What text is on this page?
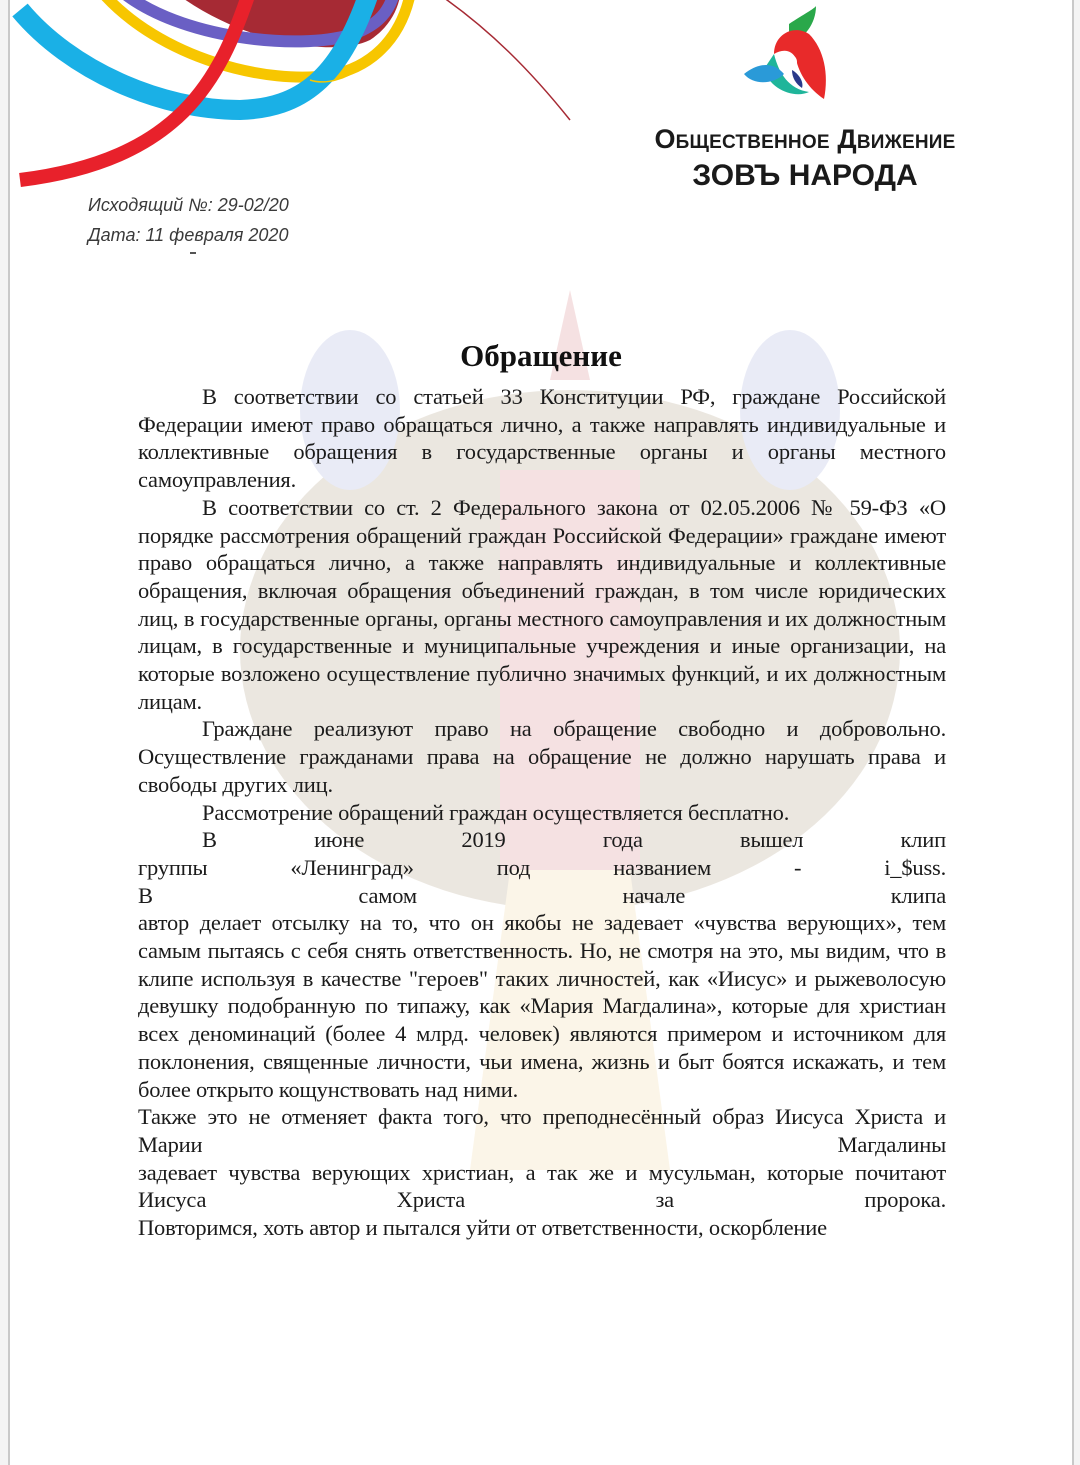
Общественное Движение
ЗОВЪ НАРОДА
Исходящий №: 29-02/20
Дата: 11 февраля 2020
Обращение

В соответствии со статьей 33 Конституции РФ, граждане Российской Федерации имеют право обращаться лично, а также направлять индивидуальные и коллективные обращения в государственные органы и органы местного самоуправления.

В соответствии со ст. 2 Федерального закона от 02.05.2006 № 59-ФЗ «О порядке рассмотрения обращений граждан Российской Федерации» граждане имеют право обращаться лично, а также направлять индивидуальные и коллективные обращения, включая обращения объединений граждан, в том числе юридических лиц, в государственные органы, органы местного самоуправления и их должностным лицам, в государственные и муниципальные учреждения и иные организации, на которые возложено осуществление публично значимых функций, и их должностным лицам.

Граждане реализуют право на обращение свободно и добровольно. Осуществление гражданами права на обращение не должно нарушать права и свободы других лиц.

Рассмотрение обращений граждан осуществляется бесплатно.

В июне 2019 года вышел клип

группы «Ленинград» под названием - i_$uss.

В самом начале клипа

автор делает отсылку на то, что он якобы не задевает «чувства верующих», тем самым пытаясь с себя снять ответственность. Но, не смотря на это, мы видим, что в клипе используя в качестве "героев" таких личностей, как «Иисус» и рыжеволосую девушку подобранную по типажу, как «Мария Магдалина», которые для христиан всех деноминаций (более 4 млрд. человек) являются примером и источником для поклонения, священные личности, чьи имена, жизнь и быт боятся искажать, и тем более открыто кощунствовать над ними.

Также это не отменяет факта того, что преподнесённый образ Иисуса Христа и Марии Магдалины

задевает чувства верующих христиан, а так же и мусульман, которые почитают Иисуса Христа за пророка.

Повторимся, хоть автор и пытался уйти от ответственности, оскорбление
